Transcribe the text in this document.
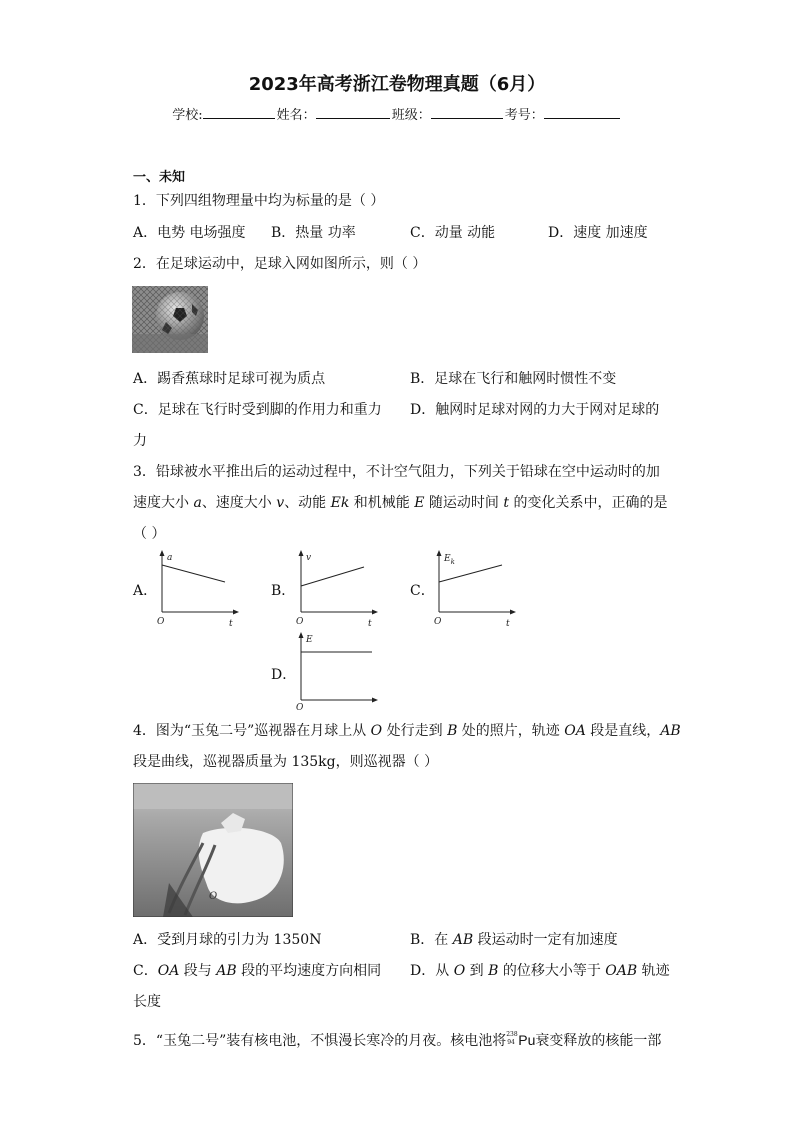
2023年高考浙江卷物理真题（6月）
学校:	姓名：	班级：	考号：
一、未知
1．下列四组物理量中均为标量的是（ ）
A．电势 电场强度 B．热量 功率	C．动量 动能	D．速度 加速度
2．在足球运动中，足球入网如图所示，则（ ）
A．踢香蕉球时足球可视为质点	B．足球在飞行和触网时惯性不变
C．足球在飞行时受到脚的作用力和重力 D．触网时足球对网的力大于网对足球的
力
3．铅球被水平推出后的运动过程中，不计空气阻力，下列关于铅球在空中运动时的加
速度大小 a、速度大小 v、动能 Ek 和机械能 E 随运动时间 t 的变化关系中，正确的是
（ ）
A．
a
O	t
B．
v
O	t
C．
$E_k$
O	t
D．
E
O
4．图为“玉兔二号”巡视器在月球上从 O 处行走到 B 处的照片，轨迹 OA 段是直线，AB
段是曲线，巡视器质量为 135kg，则巡视器（ ）
O
A．受到月球的引力为 1350N	B．在 AB 段运动时一定有加速度
C．OA 段与 AB 段的平均速度方向相同 D．从 O 到 B 的位移大小等于 OAB 轨迹
长度
5．“玉兔二号”装有核电池，不惧漫长寒冷的月夜。核电池将 238
94 Pu衰变释放的核能一部
